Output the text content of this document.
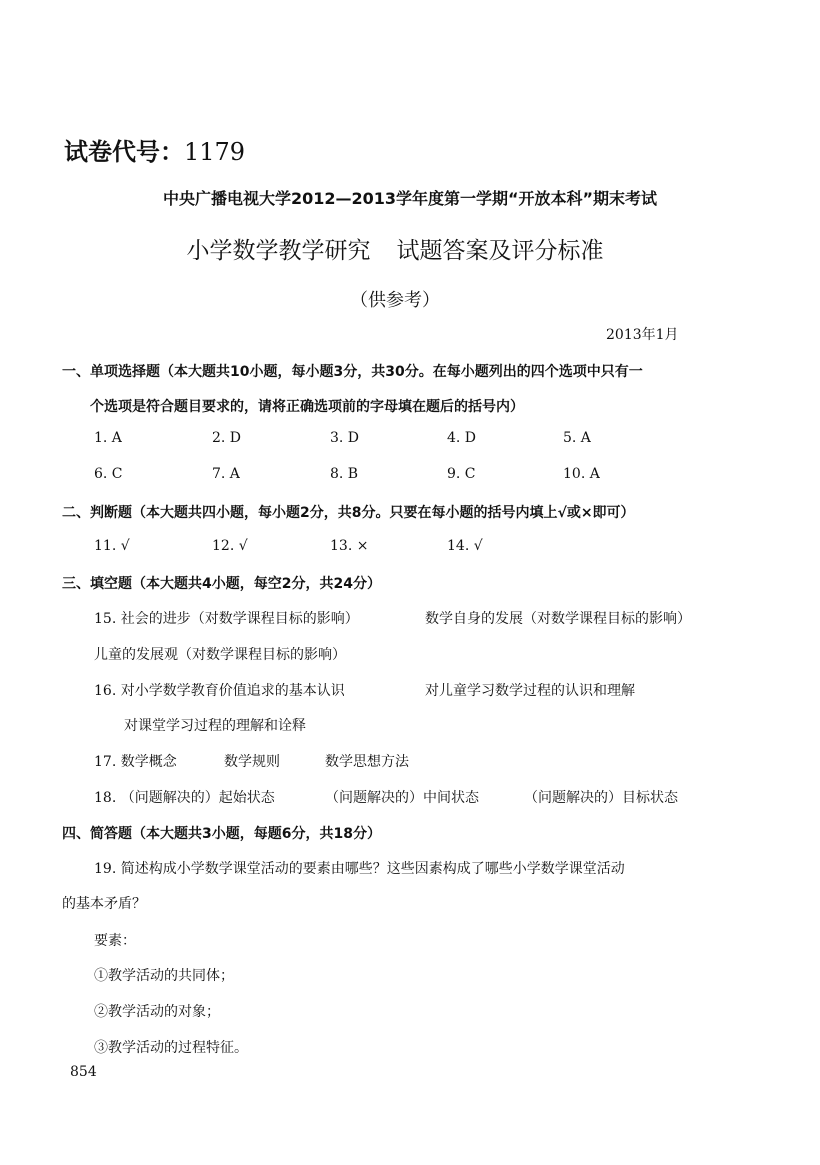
试卷代号：1179
中央广播电视大学2012—2013学年度第一学期“开放本科”期末考试
小学数学教学研究 试题答案及评分标准
（供参考）
2013年1月
一、单项选择题（本大题共10小题，每小题3分，共30分。在每小题列出的四个选项中只有一
个选项是符合题目要求的，请将正确选项前的字母填在题后的括号内）
1. A	2. D	3. D	4. D	5. A
6. C	7. A	8. B	9. C	10. A
二、判断题（本大题共四小题，每小题2分，共8分。只要在每小题的括号内填上√或×即可）
11. √	12. √	13. ×	14. √
三、填空题（本大题共4小题，每空2分，共24分）
15. 社会的进步（对数学课程目标的影响）	数学自身的发展（对数学课程目标的影响）
儿童的发展观（对数学课程目标的影响）
16. 对小学数学教育价值追求的基本认识	对儿童学习数学过程的认识和理解
对课堂学习过程的理解和诠释
17. 数学概念	数学规则	数学思想方法
18. （问题解决的）起始状态	（问题解决的）中间状态	（问题解决的）目标状态
四、简答题（本大题共3小题，每题6分，共18分）
19. 简述构成小学数学课堂活动的要素由哪些？这些因素构成了哪些小学数学课堂活动
的基本矛盾？
要素：
①教学活动的共同体；
②教学活动的对象；
③教学活动的过程特征。
854
